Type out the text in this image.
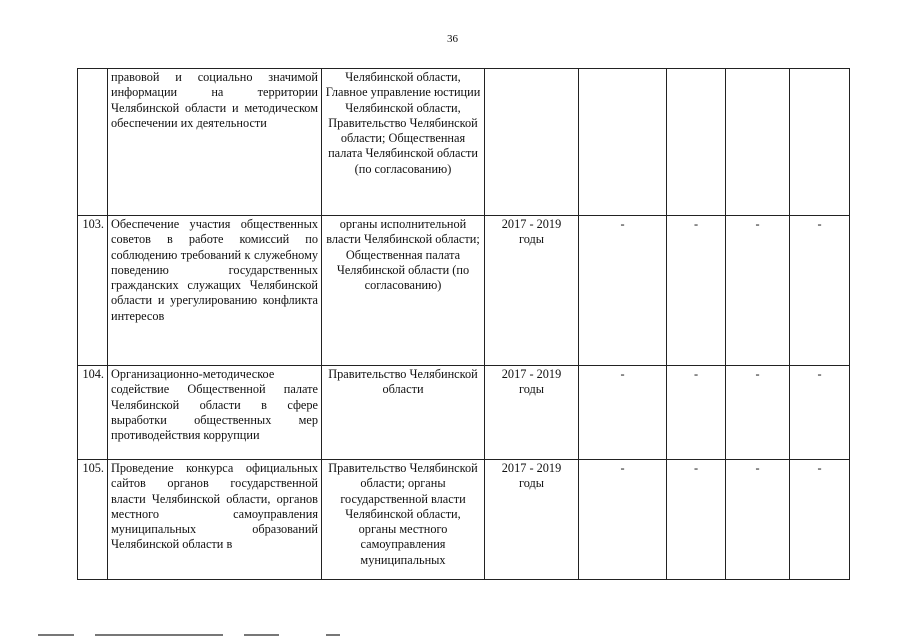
36
	правовой и социально значимой информации на территории Челябинской области и методическом обеспечении их деятельности	Челябинской области, Главное управление юстиции Челябинской области, Правительство Челябинской области; Общественная палата Челябинской области (по согласованию)					
103.	Обеспечение участия общественных советов в работе комиссий по соблюдению требований к служебному поведению государственных гражданских служащих Челябинской области и урегулированию конфликта интересов	органы исполнительной власти Челябинской области; Общественная палата Челябинской области (по согласованию)	2017 - 2019 годы	-	-	-	-
104.	Организационно-методическое содействие Общественной палате Челябинской области в сфере выработки общественных мер противодействия коррупции	Правительство Челябинской области	2017 - 2019 годы	-	-	-	-
105.	Проведение конкурса официальных сайтов органов государственной власти Челябинской области, органов местного самоуправления муниципальных образований Челябинской области в	Правительство Челябинской области; органы государственной власти Челябинской области, органы местного самоуправления муниципальных	2017 - 2019 годы	-	-	-	-
